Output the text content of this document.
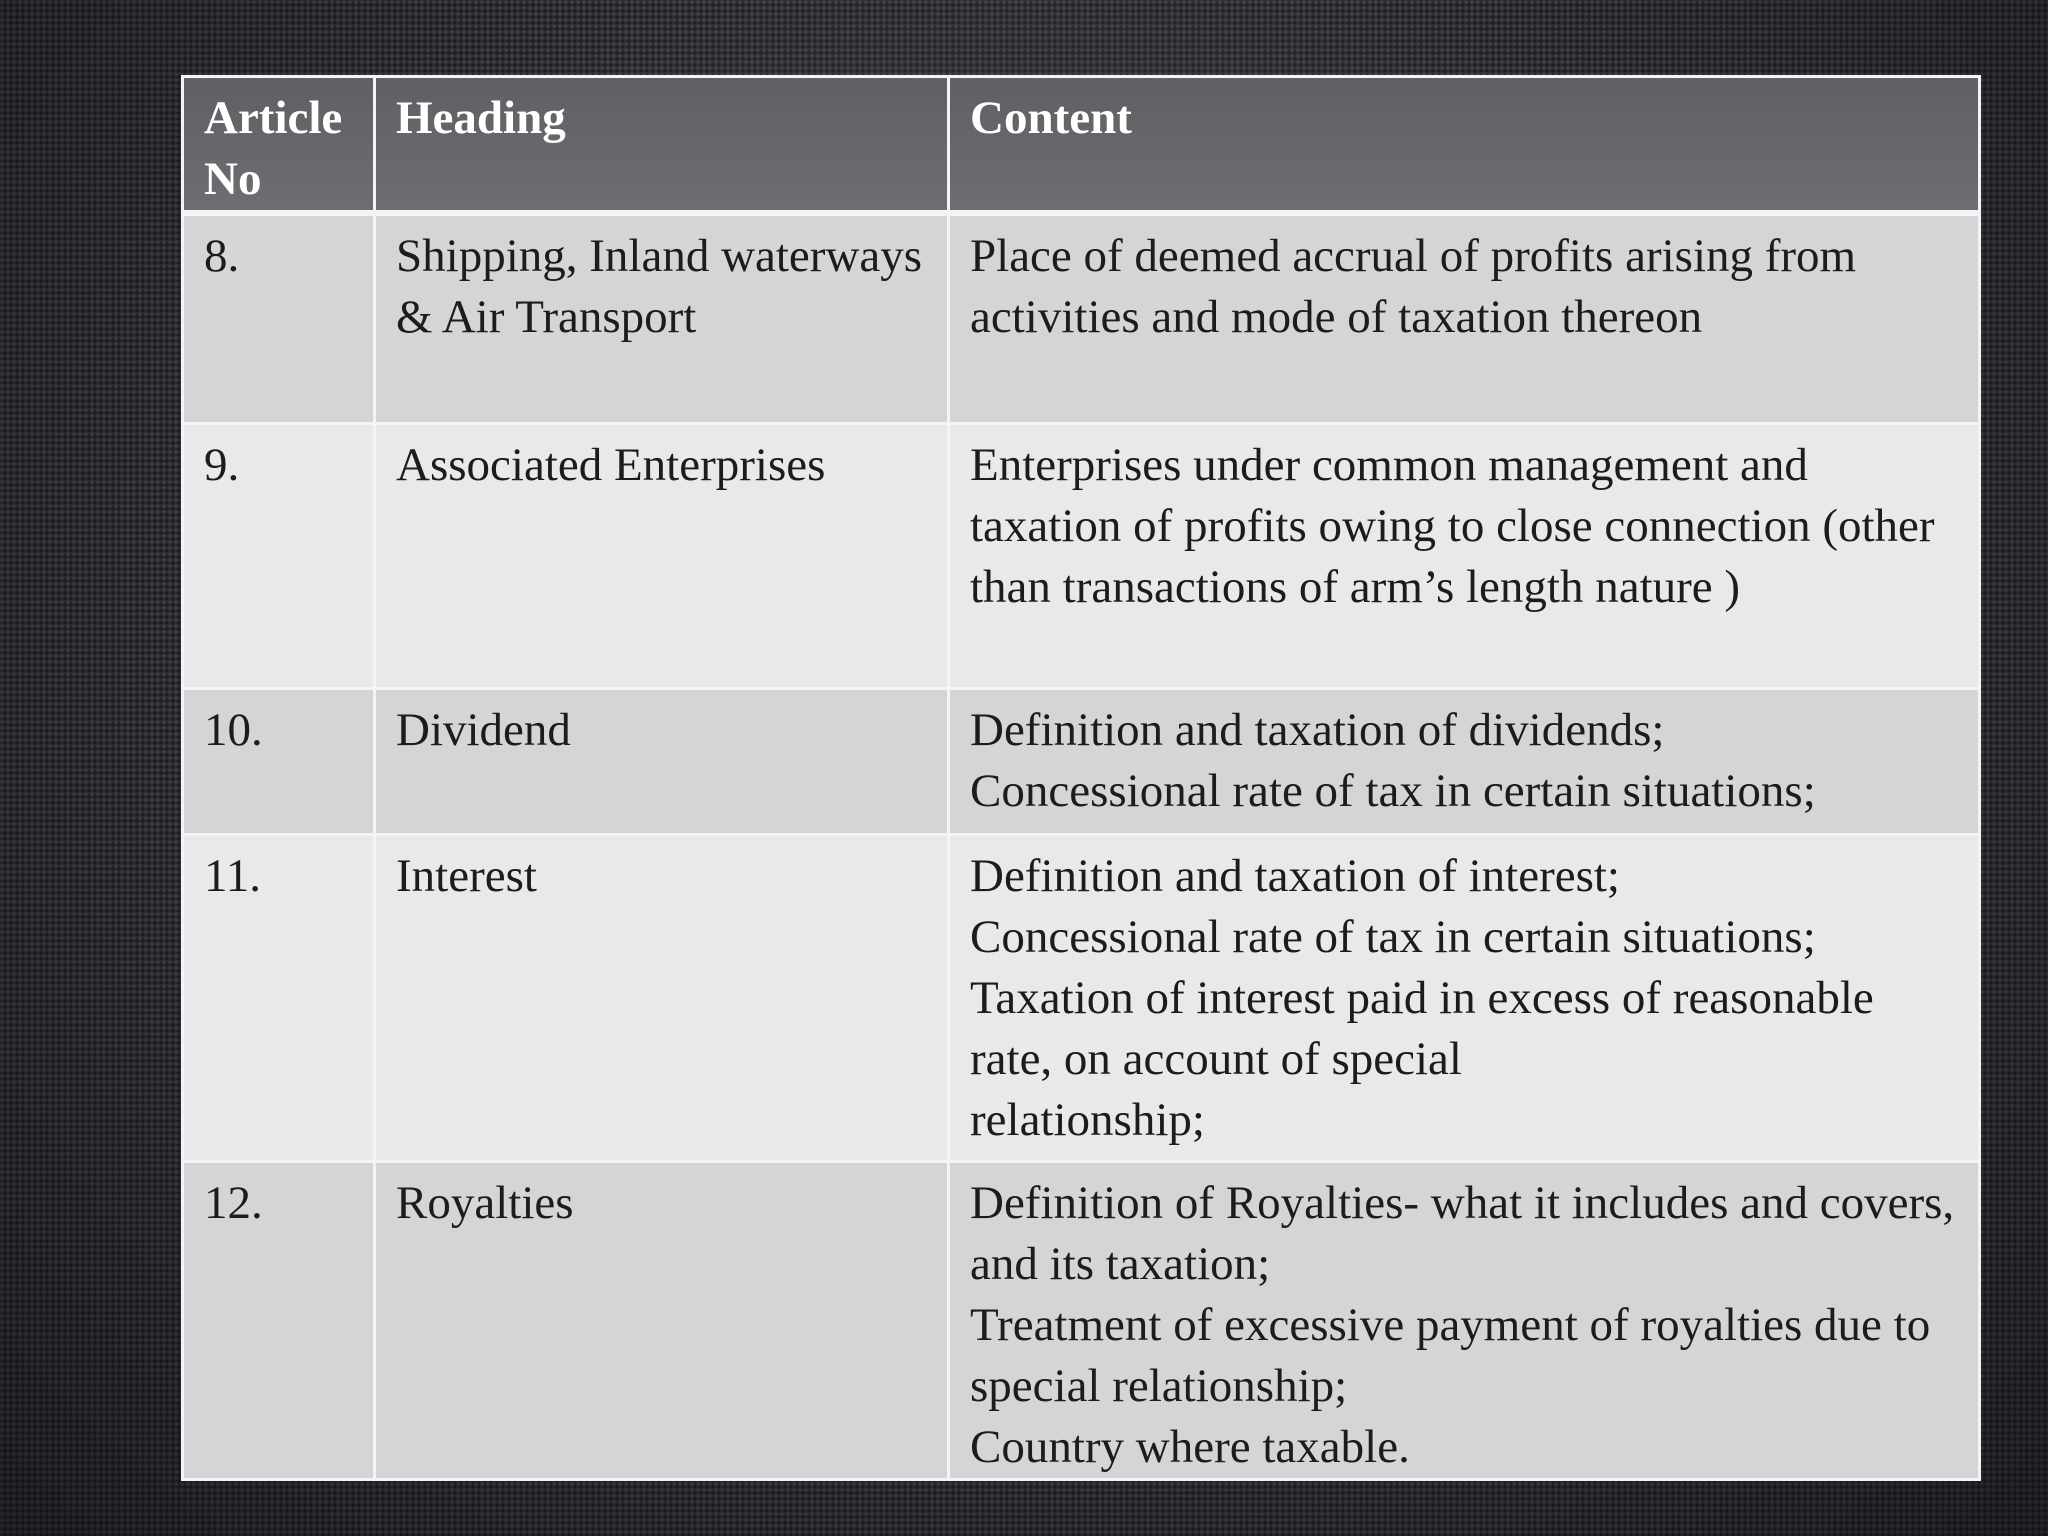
Article No	Heading	Content
8.	Shipping, Inland waterways & Air Transport	Place of deemed accrual of profits arising from activities and mode of taxation thereon

9.	Associated Enterprises	Enterprises under common management and taxation of profits owing to close connection (other than transactions of arm’s length nature )

10.	Dividend	Definition and taxation of dividends;
Concessional rate of tax in certain situations;

11.	Interest	Definition and taxation of interest;
Concessional rate of tax in certain situations;
Taxation of interest paid in excess of reasonable rate, on account of special
relationship;

12.	Royalties	Definition of Royalties- what it includes and covers, and its taxation;
Treatment of excessive payment of royalties due to special relationship;
Country where taxable.
